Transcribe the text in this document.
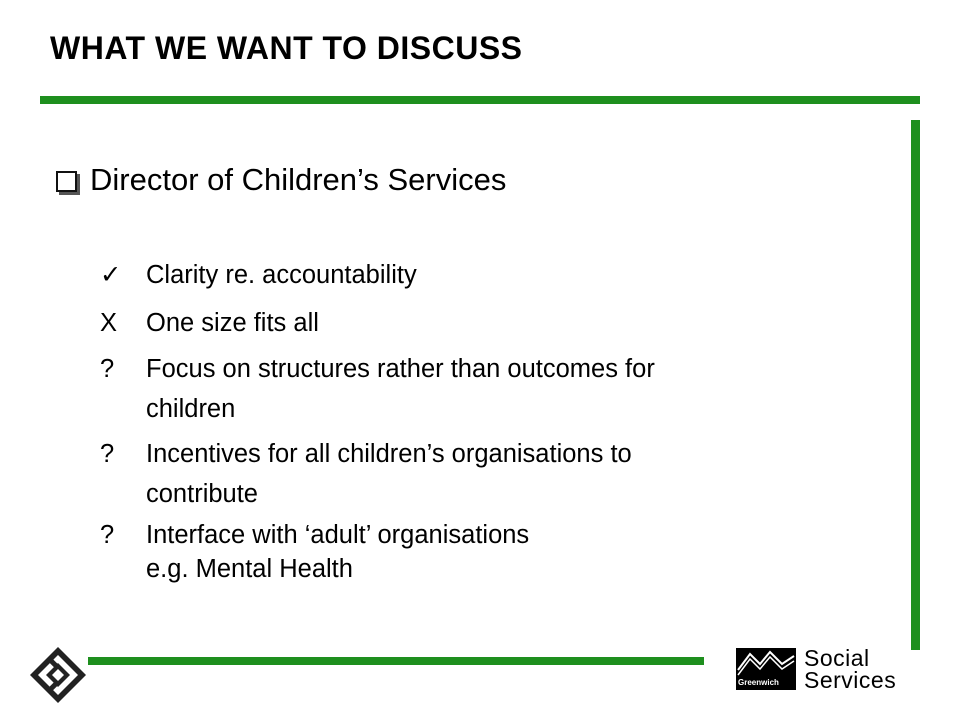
WHAT WE WANT TO DISCUSS
Director of Children’s Services
✓ Clarity re. accountability
X	One size fits all
?	Focus on structures rather than outcomes for
children
?	Incentives for all children’s organisations to
contribute
?	Interface with ‘adult’ organisations
e.g. Mental Health
Greenwich
Social
Services
